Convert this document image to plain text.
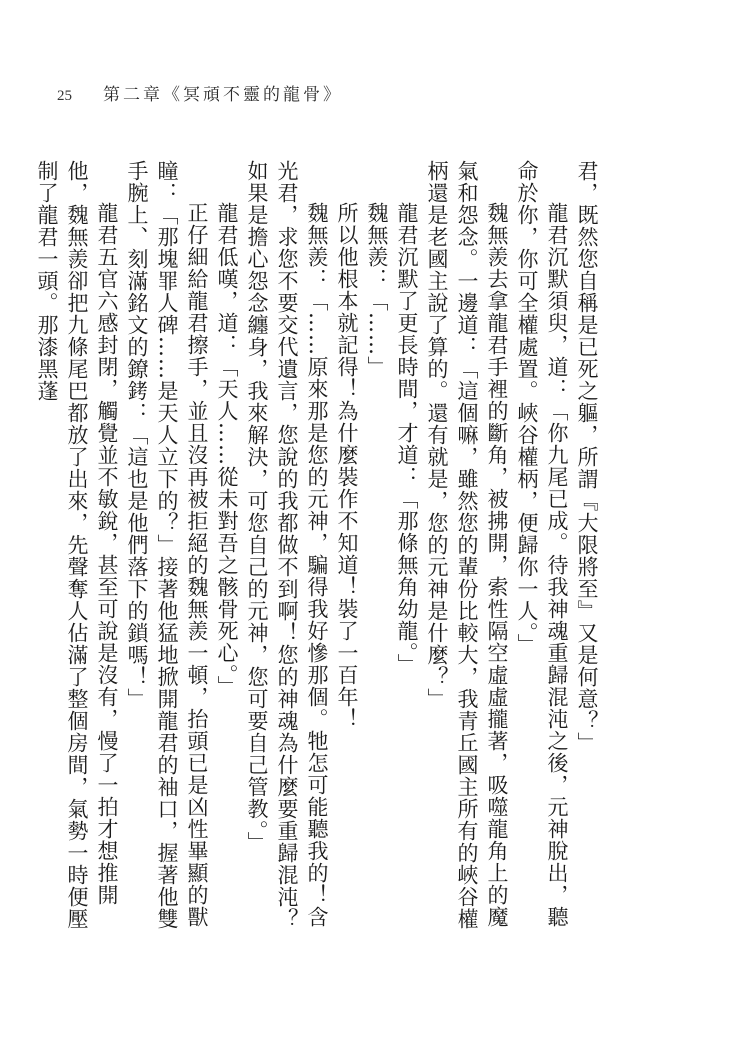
25 第二章《冥頑不靈的龍骨》

君，既然您自稱是已死之軀，所謂『大限將至』又是何意？」

龍君沉默須臾，道：「你九尾已成。待我神魂重歸混沌之後，元神脫出，聽命於你，你可全權處置。峽谷權柄，便歸你一人。」

魏無羨去拿龍君手裡的斷角，被拂開，索性隔空虛虛攏著，吸噬龍角上的魔氣和怨念。一邊道：「這個嘛，雖然您的輩份比較大，我青丘國主所有的峽谷權柄還是老國主說了算的。還有就是，您的元神是什麼？」

龍君沉默了更長時間，才道：「那條無角幼龍。」

魏無羨：「……」

所以他根本就記得！為什麼裝作不知道！裝了一百年！

魏無羨：「……原來那是您的元神，騙得我好慘那個。牠怎可能聽我的！含光君，求您不要交代遺言，您說的我都做不到啊！您的神魂為什麼要重歸混沌？如果是擔心怨念纏身，我來解決，可您自己的元神，您可要自己管教。」

龍君低嘆，道：「天人……從未對吾之骸骨死心。」

正仔細給龍君擦手，並且沒再被拒絕的魏無羨一頓，抬頭已是凶性畢顯的獸瞳：「那塊罪人碑……是天人立下的？」接著他猛地掀開龍君的袖口，握著他雙手腕上、刻滿銘文的鐐銬：「這也是他們落下的鎖嗎！」

龍君五官六感封閉，觸覺並不敏銳，甚至可說是沒有，慢了一拍才想推開他，魏無羨卻把九條尾巴都放了出來，先聲奪人佔滿了整個房間，氣勢一時便壓制了龍君一頭。那漆黑蓬
